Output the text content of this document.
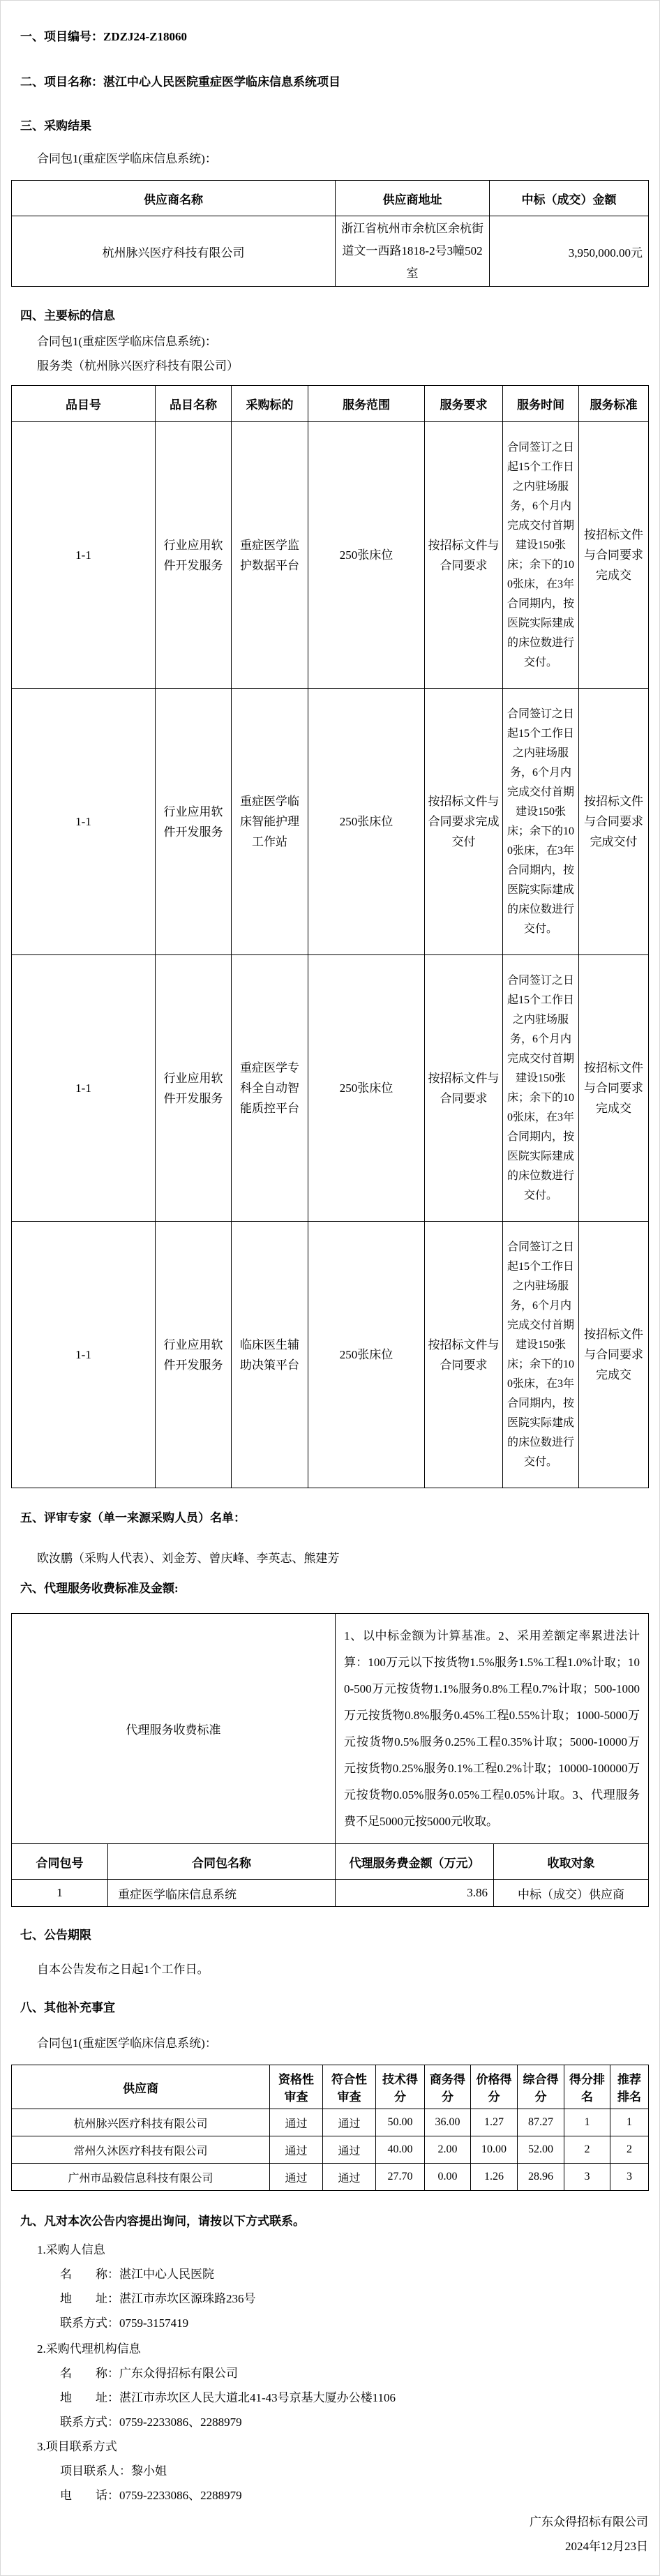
一、项目编号：ZDZJ24-Z18060

二、项目名称：湛江中心人民医院重症医学临床信息系统项目

三、采购结果

合同包1(重症医学临床信息系统)：

供应商名称	供应商地址	中标（成交）金额
杭州脉兴医疗科技有限公司	浙江省杭州市余杭区余杭街道文一西路1818-2号3幢502室	3,950,000.00元

四、主要标的信息

合同包1(重症医学临床信息系统)：

服务类（杭州脉兴医疗科技有限公司）

品目号	品目名称	采购标的	服务范围	服务要求	服务时间	服务标准
1-1	行业应用软件开发服务	重症医学监护数据平台	250张床位	按招标文件与合同要求	合同签订之日起15个工作日之内驻场服务，6个月内完成交付首期建设150张床；余下的100张床，在3年合同期内，按医院实际建成的床位数进行交付。	按招标文件与合同要求完成交
1-1	行业应用软件开发服务	重症医学临床智能护理工作站	250张床位	按招标文件与合同要求完成交付	合同签订之日起15个工作日之内驻场服务，6个月内完成交付首期建设150张床；余下的100张床，在3年合同期内，按医院实际建成的床位数进行交付。	按招标文件与合同要求完成交付
1-1	行业应用软件开发服务	重症医学专科全自动智能质控平台	250张床位	按招标文件与合同要求	合同签订之日起15个工作日之内驻场服务，6个月内完成交付首期建设150张床；余下的100张床，在3年合同期内，按医院实际建成的床位数进行交付。	按招标文件与合同要求完成交
1-1	行业应用软件开发服务	临床医生辅助决策平台	250张床位	按招标文件与合同要求	合同签订之日起15个工作日之内驻场服务，6个月内完成交付首期建设150张床；余下的100张床，在3年合同期内，按医院实际建成的床位数进行交付。	按招标文件与合同要求完成交

五、评审专家（单一来源采购人员）名单：

欧汝鹏（采购人代表）、刘金芳、曾庆峰、李英志、熊建芳

六、代理服务收费标准及金额:

代理服务收费标准	1、以中标金额为计算基准。2、采用差额定率累进法计算：100万元以下按货物1.5%服务1.5%工程1.0%计取；100-500万元按货物1.1%服务0.8%工程0.7%计取；500-1000万元按货物0.8%服务0.45%工程0.55%计取；1000-5000万元按货物0.5%服务0.25%工程0.35%计取；5000-10000万元按货物0.25%服务0.1%工程0.2%计取；10000-100000万元按货物0.05%服务0.05%工程0.05%计取。3、代理服务费不足5000元按5000元收取。
合同包号	合同包名称	代理服务费金额（万元）	收取对象
1	重症医学临床信息系统	3.86	中标（成交）供应商

七、公告期限

自本公告发布之日起1个工作日。

八、其他补充事宜

合同包1(重症医学临床信息系统)：

供应商	资格性审查	符合性审查	技术得分	商务得分	价格得分	综合得分	得分排名	推荐排名
杭州脉兴医疗科技有限公司	通过	通过	50.00	36.00	1.27	87.27	1	1
常州久沐医疗科技有限公司	通过	通过	40.00	2.00	10.00	52.00	2	2
广州市品毅信息科技有限公司	通过	通过	27.70	0.00	1.26	28.96	3	3

九、凡对本次公告内容提出询问，请按以下方式联系。

1.采购人信息

名　　称：湛江中心人民医院

地　　址：湛江市赤坎区源珠路236号

联系方式：0759-3157419

2.采购代理机构信息

名　　称：广东众得招标有限公司

地　　址：湛江市赤坎区人民大道北41-43号京基大厦办公楼1106

联系方式：0759-2233086、2288979

3.项目联系方式

项目联系人：黎小姐

电　　话：0759-2233086、2288979

广东众得招标有限公司

2024年12月23日
